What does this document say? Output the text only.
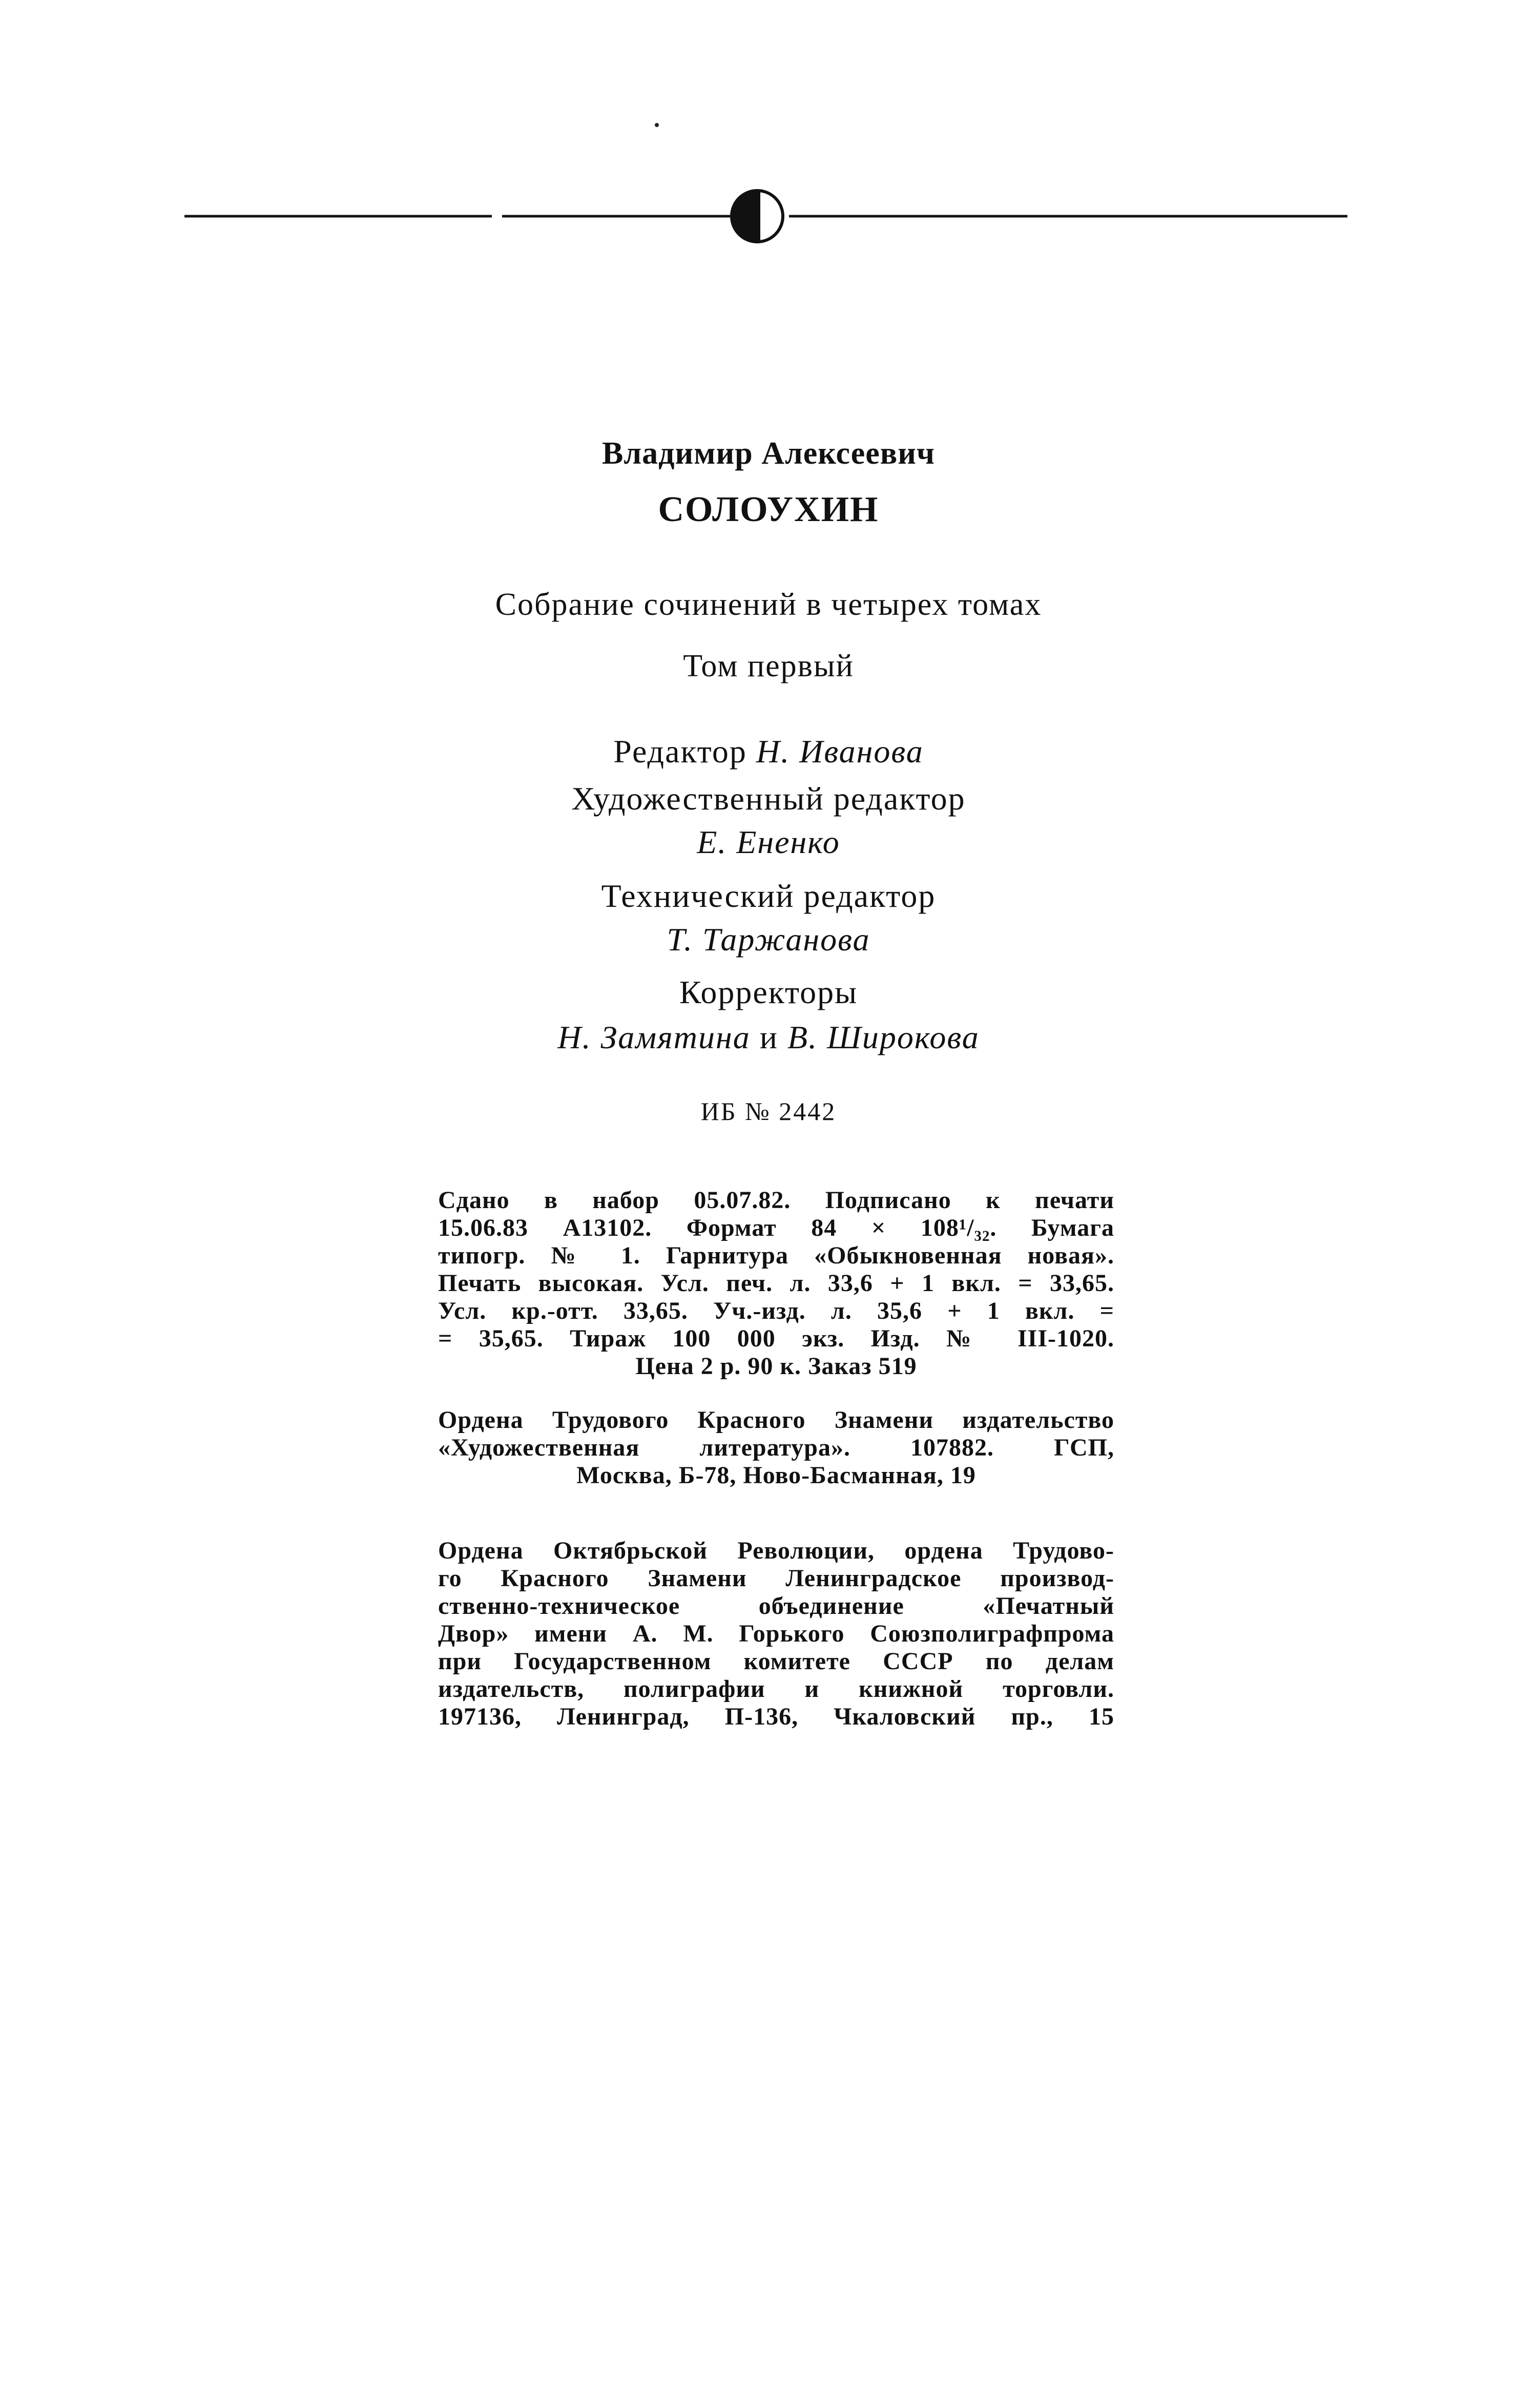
Владимир Алексеевич
СОЛОУХИН
Собрание сочинений в четырех томах
Том первый
Редактор Н. Иванова
Художественный редактор
Е. Ененко
Технический редактор
Т. Таржанова
Корректоры
Н. Замятина и В. Широкова
ИБ № 2442
Сдано в набор 05.07.82. Подписано к печати
15.06.83 А13102. Формат 84 × 108¹/₃₂. Бумага
типогр. № 1. Гарнитура «Обыкновенная новая».
Печать высокая. Усл. печ. л. 33,6 + 1 вкл. = 33,65.
Усл. кр.-отт. 33,65. Уч.-изд. л. 35,6 + 1 вкл. =
= 35,65. Тираж 100 000 экз. Изд. № III-1020.
Цена 2 р. 90 к. Заказ 519
Ордена Трудового Красного Знамени издательство
«Художественная литература». 107882. ГСП,
Москва, Б-78, Ново-Басманная, 19
Ордена Октябрьской Революции, ордена Трудово-
го Красного Знамени Ленинградское производ-
ственно-техническое объединение «Печатный
Двор» имени А. М. Горького Союзполиграфпрома
при Государственном комитете СССР по делам
издательств, полиграфии и книжной торговли.
197136, Ленинград, П-136, Чкаловский пр., 15
